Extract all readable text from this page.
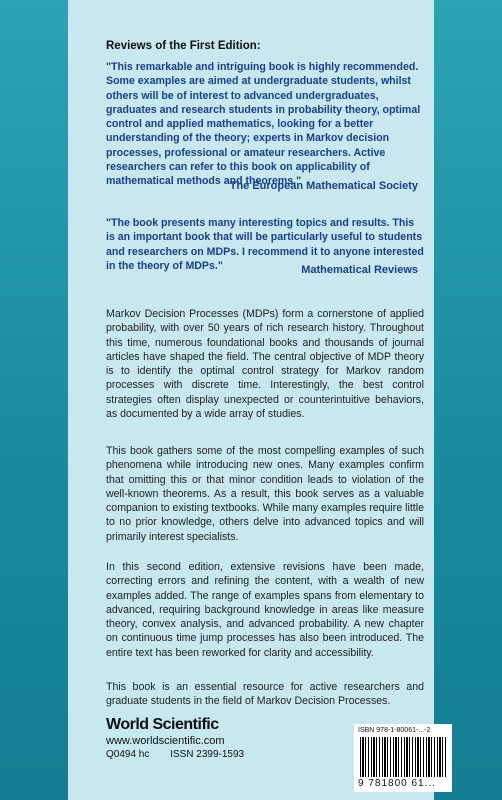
Reviews of the First Edition:
"This remarkable and intriguing book is highly recommended. Some examples are aimed at undergraduate students, whilst others will be of interest to advanced undergraduates, graduates and research students in probability theory, optimal control and applied mathematics, looking for a better understanding of the theory; experts in Markov decision processes, professional or amateur researchers. Active researchers can refer to this book on applicability of mathematical methods and theorems."
The European Mathematical Society
"The book presents many interesting topics and results. This is an important book that will be particularly useful to students and researchers on MDPs. I recommend it to anyone interested in the theory of MDPs."	Mathematical Reviews
Markov Decision Processes (MDPs) form a cornerstone of applied probability, with over 50 years of rich research history. Throughout this time, numerous foundational books and thousands of journal articles have shaped the field. The central objective of MDP theory is to identify the optimal control strategy for Markov random processes with discrete time. Interestingly, the best control strategies often display unexpected or counterintuitive behaviors, as documented by a wide array of studies.
This book gathers some of the most compelling examples of such phenomena while introducing new ones. Many examples confirm that omitting this or that minor condition leads to violation of the well-known theorems. As a result, this book serves as a valuable companion to existing textbooks. While many examples require little to no prior knowledge, others delve into advanced topics and will primarily interest specialists.
In this second edition, extensive revisions have been made, correcting errors and refining the content, with a wealth of new examples added. The range of examples spans from elementary to advanced, requiring background knowledge in areas like measure theory, convex analysis, and advanced probability. A new chapter on continuous time jump processes has also been introduced. The entire text has been reworked for clarity and accessibility.
This book is an essential resource for active researchers and graduate students in the field of Markov Decision Processes.
World Scientific
www.worldscientific.com
Q0494 hc ISSN 2399-1593
ISBN 978-1-80061-...-2
9 781800 61...
